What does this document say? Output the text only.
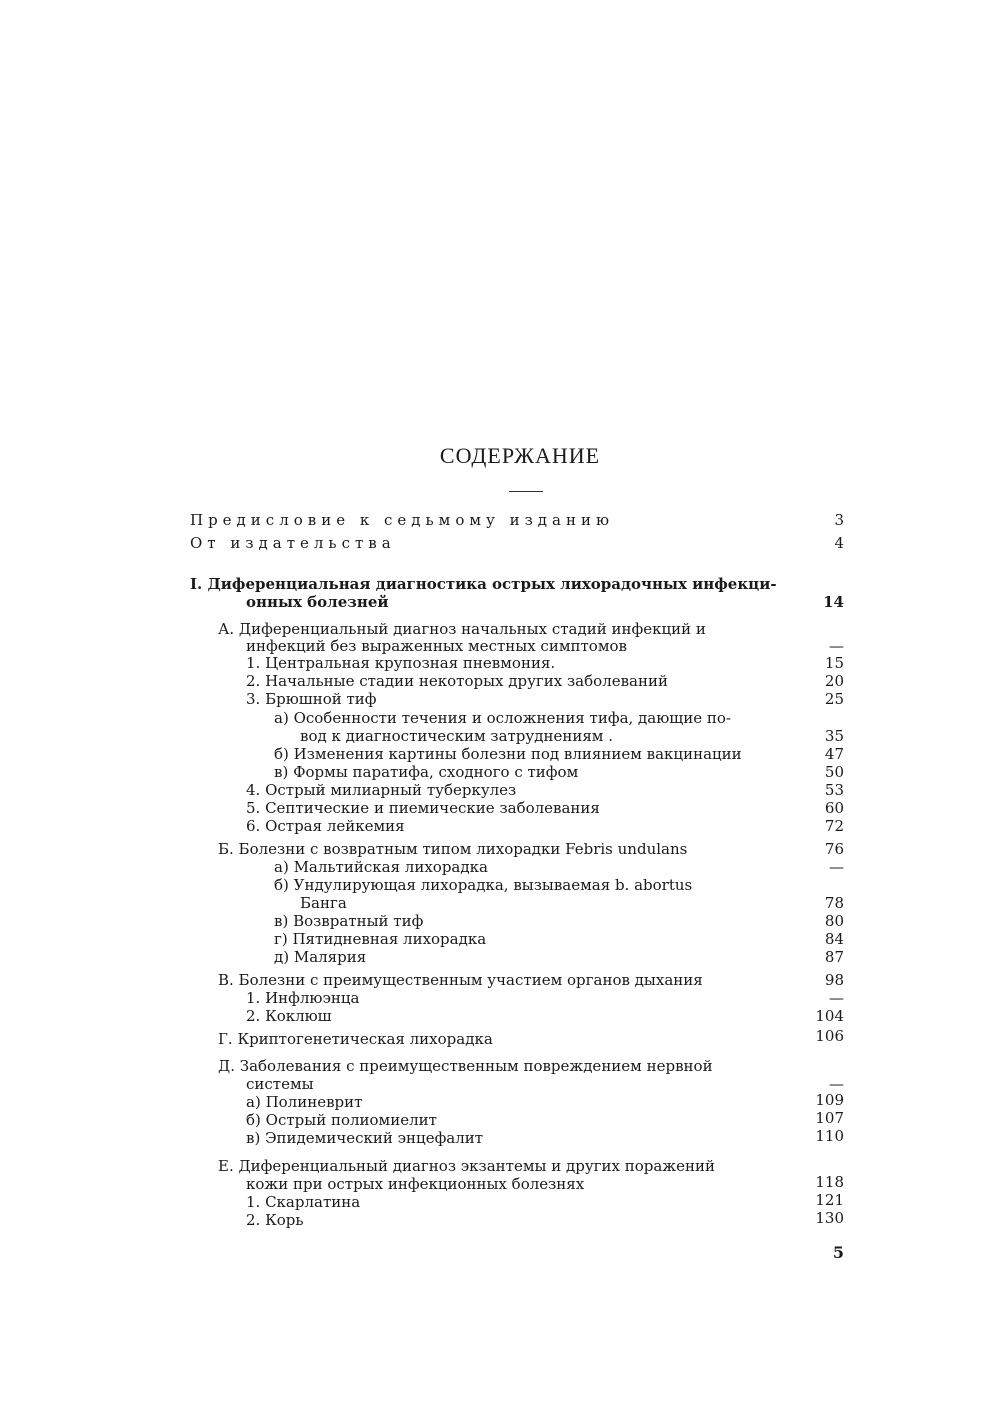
СОДЕРЖАНИЕ
Предисловие к седьмому изданию	3
От издательства	4
I. Диференциальная диагностика острых лихорадочных инфекци-
онных болезней	14
А. Диференциальный диагноз начальных стадий инфекций и
инфекций без выраженных местных симптомов	—
1. Центральная крупозная пневмония.	15
2. Начальные стадии некоторых других заболеваний	20
3. Брюшной тиф	25
а) Особенности течения и осложнения тифа, дающие по-
вод к диагностическим затруднениям .	35
б) Изменения картины болезни под влиянием вакцинации	47
в) Формы паратифа, сходного с тифом	50
4. Острый милиарный туберкулез	53
5. Септические и пиемические заболевания	60
6. Острая лейкемия	72
Б. Болезни с возвратным типом лихорадки Febris undulans	76
а) Мальтийская лихорадка	—
б) Ундулирующая лихорадка, вызываемая b. abortus
Банга	78
в) Возвратный тиф	80
г) Пятидневная лихорадка	84
д) Малярия	87
В. Болезни с преимущественным участием органов дыхания	98
1. Инфлюэнца	—
2. Коклюш	104
Г. Криптогенетическая лихорадка	106
Д. Заболевания с преимущественным повреждением нервной
системы	—
а) Полиневрит	109
б) Острый полиомиелит	107
в) Эпидемический энцефалит	110
Е. Диференциальный диагноз экзантемы и других поражений
кожи при острых инфекционных болезнях	118
1. Скарлатина	121
2. Корь	130
5
